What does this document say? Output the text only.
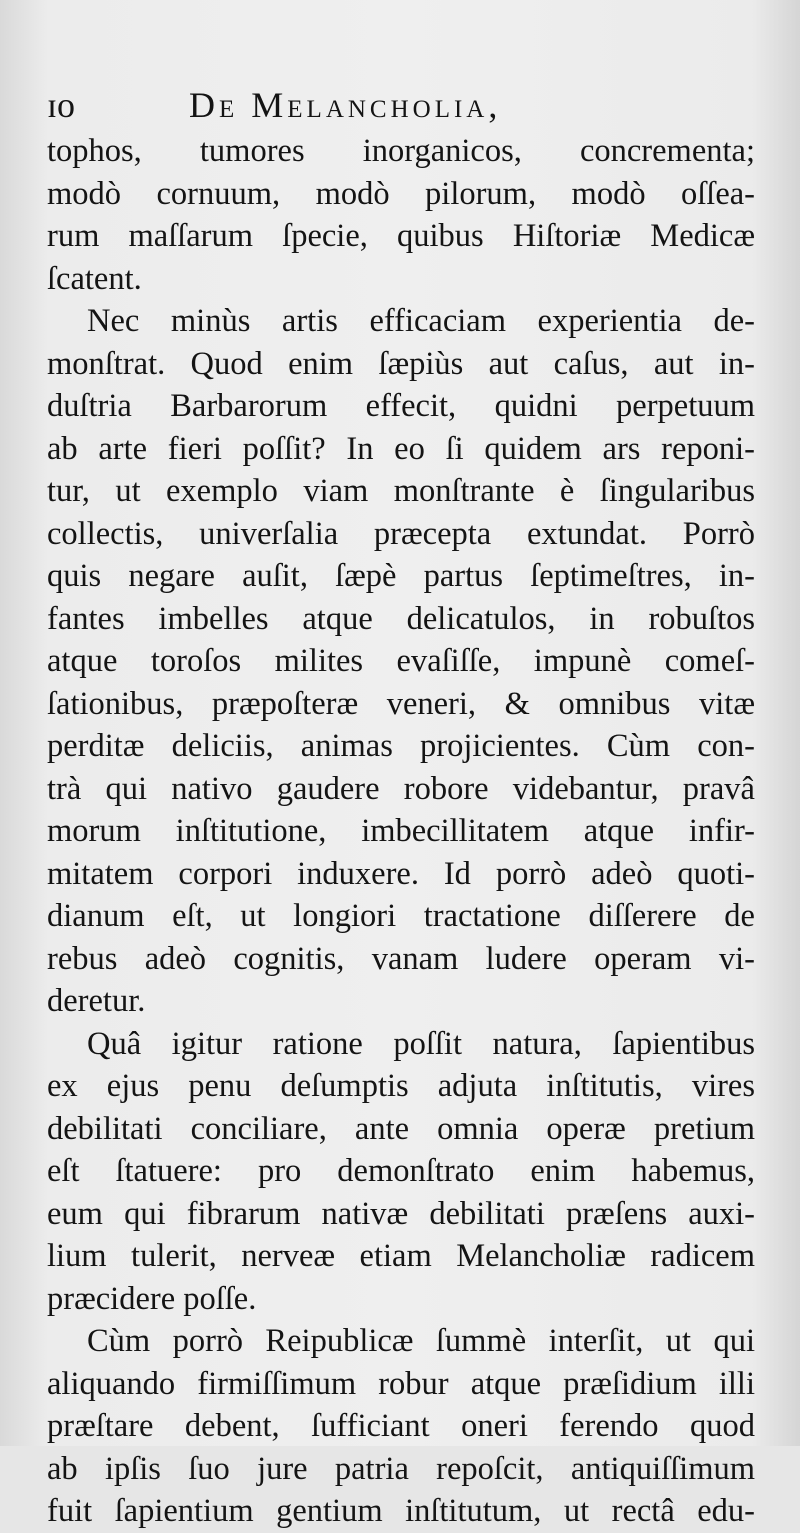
ɪo	De Melancholia,
tophos, tumores inorganicos, concrementa;
modò cornuum, modò pilorum, modò oſſea-
rum maſſarum ſpecie, quibus Hiſtoriæ Medicæ
ſcatent.
Nec minùs artis efficaciam experientia de-
monſtrat. Quod enim ſæpiùs aut caſus, aut in-
duſtria Barbarorum effecit, quidni perpetuum
ab arte fieri poſſit? In eo ſi quidem ars reponi-
tur, ut exemplo viam monſtrante è ſingularibus
collectis, univerſalia præcepta extundat. Porrò
quis negare auſit, ſæpè partus ſeptimeſtres, in-
fantes imbelles atque delicatulos, in robuſtos
atque toroſos milites evaſiſſe, impunè comeſ-
ſationibus, præpoſteræ veneri, & omnibus vitæ
perditæ deliciis, animas projicientes. Cùm con-
trà qui nativo gaudere robore videbantur, pravâ
morum inſtitutione, imbecillitatem atque infir-
mitatem corpori induxere. Id porrò adeò quoti-
dianum eſt, ut longiori tractatione diſſerere de
rebus adeò cognitis, vanam ludere operam vi-
deretur.
Quâ igitur ratione poſſit natura, ſapientibus
ex ejus penu deſumptis adjuta inſtitutis, vires
debilitati conciliare, ante omnia operæ pretium
eſt ſtatuere: pro demonſtrato enim habemus,
eum qui fibrarum nativæ debilitati præſens auxi-
lium tulerit, nerveæ etiam Melancholiæ radicem
præcidere poſſe.
Cùm porrò Reipublicæ ſummè interſit, ut qui
aliquando firmiſſimum robur atque præſidium illi
præſtare debent, ſufficiant oneri ferendo quod
ab ipſis ſuo jure patria repoſcit, antiquiſſimum
fuit ſapientium gentium inſtitutum, ut rectâ edu-
